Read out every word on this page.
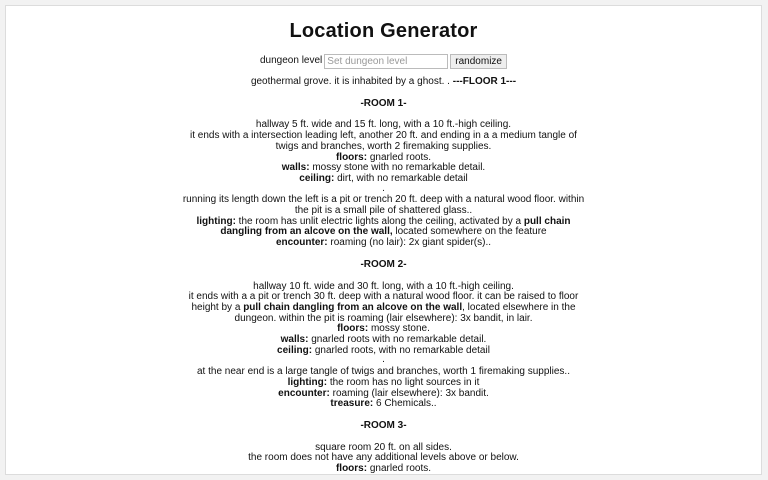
Location Generator
dungeon level
Set dungeon level	randomize
geothermal grove. it is inhabited by a ghost. . ---FLOOR 1---
-ROOM 1-
hallway 5 ft. wide and 15 ft. long, with a 10 ft.-high ceiling.
it ends with a intersection leading left, another 20 ft. and ending in a a medium tangle of twigs and branches, worth 2 firemaking supplies.
floors: gnarled roots.
walls: mossy stone with no remarkable detail.
ceiling: dirt, with no remarkable detail
.
running its length down the left is a pit or trench 20 ft. deep with a natural wood floor. within the pit is a small pile of shattered glass..
lighting: the room has unlit electric lights along the ceiling, activated by a pull chain dangling from an alcove on the wall, located somewhere on the feature
encounter: roaming (no lair): 2x giant spider(s)..
-ROOM 2-
hallway 10 ft. wide and 30 ft. long, with a 10 ft.-high ceiling.
it ends with a a pit or trench 30 ft. deep with a natural wood floor. it can be raised to floor height by a pull chain dangling from an alcove on the wall, located elsewhere in the dungeon. within the pit is roaming (lair elsewhere): 3x bandit, in lair.
floors: mossy stone.
walls: gnarled roots with no remarkable detail.
ceiling: gnarled roots, with no remarkable detail
.
at the near end is a large tangle of twigs and branches, worth 1 firemaking supplies..
lighting: the room has no light sources in it
encounter: roaming (lair elsewhere): 3x bandit.
treasure: 6 Chemicals..
-ROOM 3-
square room 20 ft. on all sides.
the room does not have any additional levels above or below.
floors: gnarled roots.
